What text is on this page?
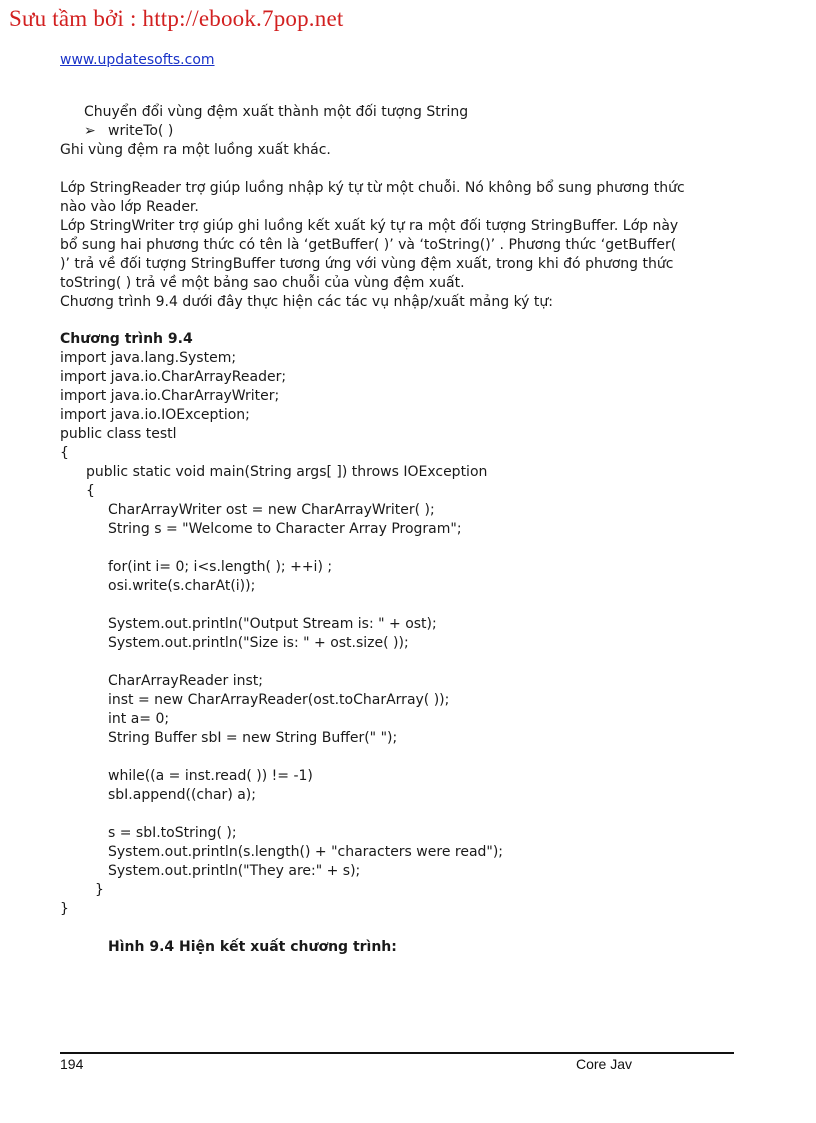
Sưu tầm bởi : http://ebook.7pop.net
www.updatesofts.com
Chuyển đổi vùng đệm xuất thành một đối tượng String
➢ writeTo( )
Ghi vùng đệm ra một luồng xuất khác.
Lớp StringReader trợ giúp luồng nhập ký tự từ một chuỗi. Nó không bổ sung phương thức
nào vào lớp Reader.
Lớp StringWriter trợ giúp ghi luồng kết xuất ký tự ra một đối tượng StringBuffer. Lớp này
bổ sung hai phương thức có tên là ‘getBuffer( )’ và ‘toString()’ . Phương thức ‘getBuffer(
)’ trả về đối tượng StringBuffer tương ứng với vùng đệm xuất, trong khi đó phương thức
toString( ) trả về một bảng sao chuỗi của vùng đệm xuất.
Chương trình 9.4 dưới đây thực hiện các tác vụ nhập/xuất mảng ký tự:
Chương trình 9.4
import java.lang.System;
import java.io.CharArrayReader;
import java.io.CharArrayWriter;
import java.io.IOException;
public class testl
{
public static void main(String args[ ]) throws IOException
{
CharArrayWriter ost = new CharArrayWriter( );
String s = "Welcome to Character Array Program";
for(int i= 0; i<s.length( ); ++i) ;
osi.write(s.charAt(i));
System.out.println("Output Stream is: " + ost);
System.out.println("Size is: " + ost.size( ));
CharArrayReader inst;
inst = new CharArrayReader(ost.toCharArray( ));
int a= 0;
String Buffer sbI = new String Buffer(" ");
while((a = inst.read( )) != -1)
sbI.append((char) a);
s = sbI.toString( );
System.out.println(s.length() + "characters were read");
System.out.println("They are:" + s);
}
}
Hình 9.4 Hiện kết xuất chương trình:
194	Core Jav
